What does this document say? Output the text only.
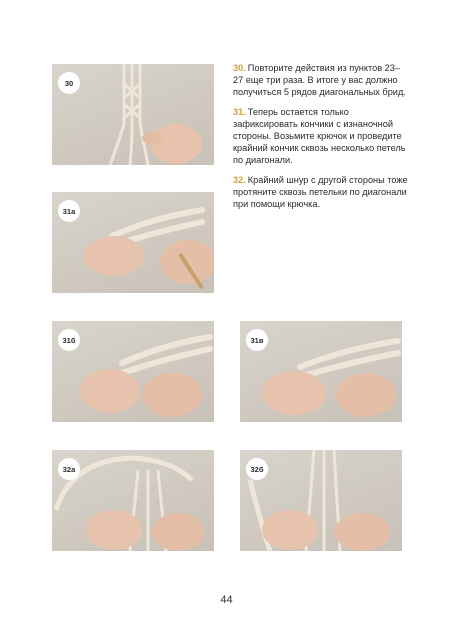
30
31а
31б	31в
32а	32б
30. Повторите действия из пунктов 23–27 еще три раза. В итоге у вас должно получиться 5 рядов диагональных брид.
31. Теперь остается только зафиксировать кончики с изнаночной стороны. Возьмите крючок и проведите крайний кончик сквозь несколько петель по диагонали.
32. Крайний шнур с другой стороны тоже протяните сквозь петельки по диагонали при помощи крючка.
44
